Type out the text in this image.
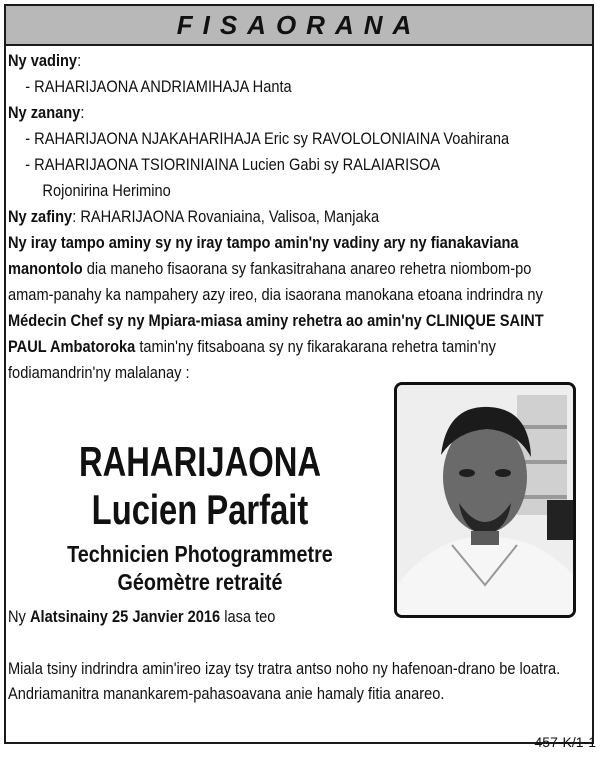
FISAORANA
Ny vadiny:
- RAHARIJAONA ANDRIAMIHAJA Hanta
Ny zanany:
- RAHARIJAONA NJAKAHARIHAJA Eric sy RAVOLOLONIAINA Voahirana
- RAHARIJAONA TSIORINIAINA Lucien Gabi sy RALAIARISOA
Rojonirina Herimino
Ny zafiny: RAHARIJAONA Rovaniaina, Valisoa, Manjaka
Ny iray tampo aminy sy ny iray tampo amin'ny vadiny ary ny fianakaviana manontolo dia maneho fisaorana sy fankasitrahana anareo rehetra niombom-po amam-panahy ka nampahery azy ireo, dia isaorana manokana etoana indrindra ny Médecin Chef sy ny Mpiara-miasa aminy rehetra ao amin'ny CLINIQUE SAINT PAUL Ambatoroka tamin'ny fitsaboana sy ny fikarakarana rehetra tamin'ny fodiamandrin'ny malalanay :
RAHARIJAONA
Lucien Parfait
Technicien Photogrammetre
Géomètre retraité
Ny Alatsinainy 25 Janvier 2016 lasa teo
Miala tsiny indrindra amin'ireo izay tsy tratra antso noho ny hafenoan-drano be loatra.
Andriamanitra manankarem-pahasoavana anie hamaly fitia anareo.
457-K/1-1
